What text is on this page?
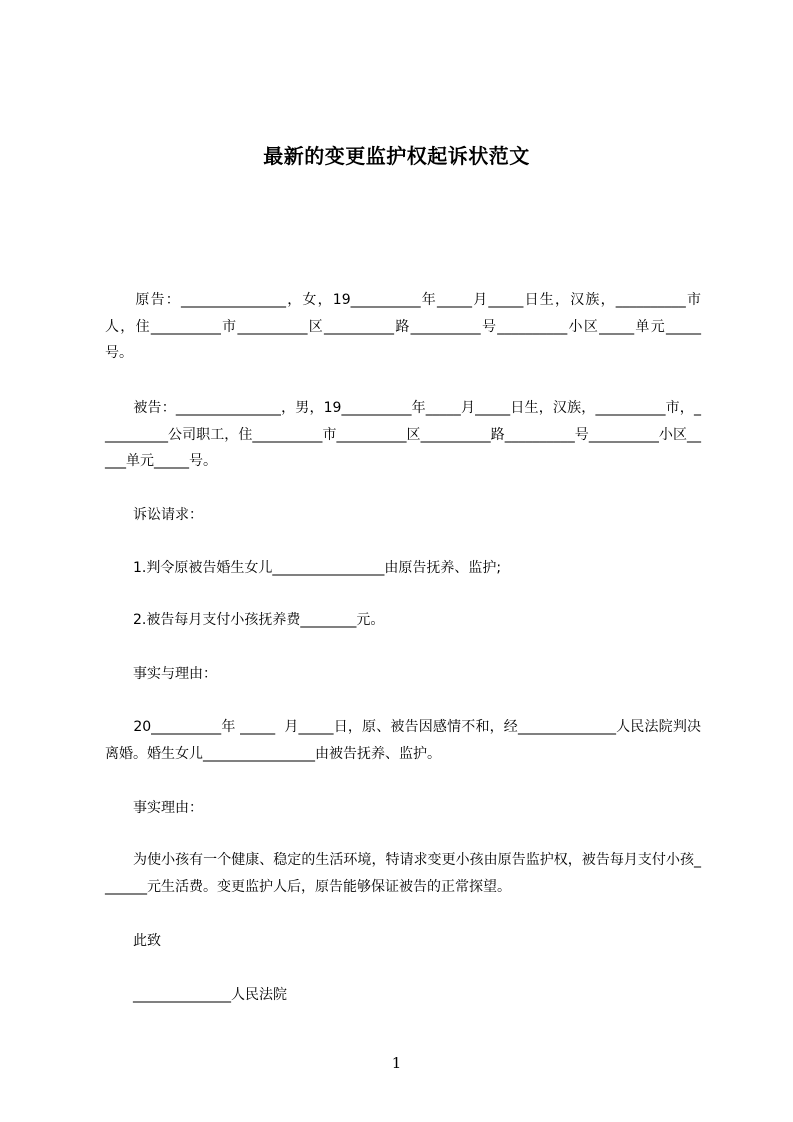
最新的变更监护权起诉状范文

　　原告：_______________，女，19__________年_____月_____日生，汉族，__________市人，住__________市__________区__________路__________号__________小区_____单元_____号。

　　被告：_______________，男，19__________年_____月_____日生，汉族，__________市，__________公司职工，住__________市__________区__________路__________号__________小区_____单元_____号。

　　诉讼请求：

　　1.判令原被告婚生女儿________________由原告抚养、监护;

　　2.被告每月支付小孩抚养费________元。

　　事实与理由：

　　20__________年 _____  月_____日，原、被告因感情不和，经______________人民法院判决离婚。婚生女儿________________由被告抚养、监护。

　　事实理由：

　　为使小孩有一个健康、稳定的生活环境，特请求变更小孩由原告监护权，被告每月支付小孩_______元生活费。变更监护人后，原告能够保证被告的正常探望。

　　此致

　　______________人民法院

1
